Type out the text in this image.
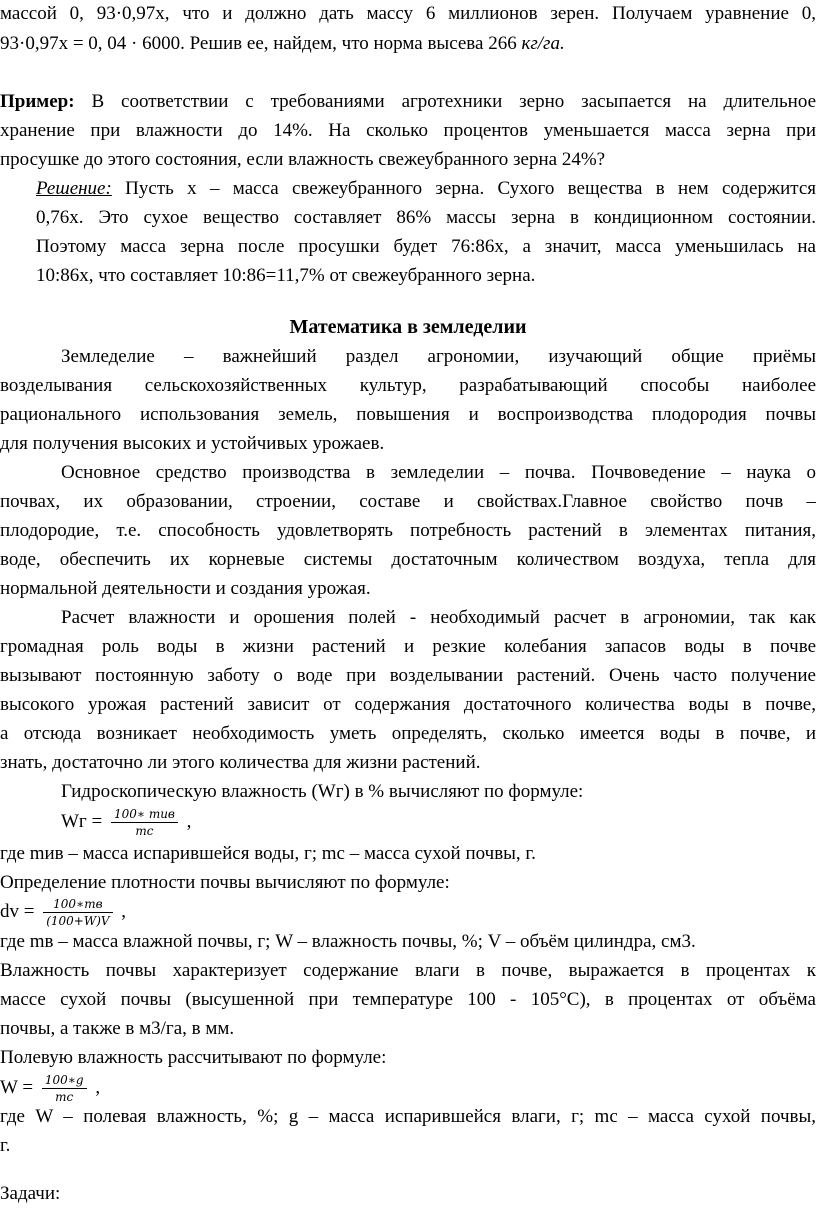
массой 0, 93·0,97x, что и должно дать массу 6 миллионов зерен. Получаем уравнение 0,
93·0,97x = 0, 04 · 6000. Решив ее, найдем, что норма высева 266 кг/га.
Пример: В соответствии с требованиями агротехники зерно засыпается на длительное
хранение при влажности до 14%. На сколько процентов уменьшается масса зерна при
просушке до этого состояния, если влажность свежеубранного зерна 24%?
Решение: Пусть x – масса свежеубранного зерна. Сухого вещества в нем содержится
0,76x. Это сухое вещество составляет 86% массы зерна в кондиционном состоянии.
Поэтому масса зерна после просушки будет 76:86x, а значит, масса уменьшилась на
10:86x, что составляет 10:86=11,7% от свежеубранного зерна.
Математика в земледелии
Земледелие – важнейший раздел агрономии, изучающий общие приёмы
возделывания сельскохозяйственных культур, разрабатывающий способы наиболее
рационального использования земель, повышения и воспроизводства плодородия почвы
для получения высоких и устойчивых урожаев.
Основное средство производства в земледелии – почва. Почвоведение – наука о
почвах, их образовании, строении, составе и свойствах.Главное свойство почв –
плодородие, т.е. способность удовлетворять потребность растений в элементах питания,
воде, обеспечить их корневые системы достаточным количеством воздуха, тепла для
нормальной деятельности и создания урожая.
Расчет влажности и орошения полей - необходимый расчет в агрономии, так как
громадная роль воды в жизни растений и резкие колебания запасов воды в почве
вызывают постоянную заботу о воде при возделывании растений. Очень часто получение
высокого урожая растений зависит от содержания достаточного количества воды в почве,
а отсюда возникает необходимость уметь определять, сколько имеется воды в почве, и
знать, достаточно ли этого количества для жизни растений.
Гидроскопическую влажность (Wг) в % вычисляют по формуле:
Wг = $\frac{\text{100∗ mив}}{mс}$ ,
где mив – масса испарившейся воды, г; mс – масса сухой почвы, г.
Определение плотности почвы вычисляют по формуле:
dv = $\frac{100∗mв}{(100+W)V}$ ,
где mв – масса влажной почвы, г; W – влажность почвы, %; V – объём цилиндра, см3.
Влажность почвы характеризует содержание влаги в почве, выражается в процентах к
массе сухой почвы (высушенной при температуре 100 - 105°С), в процентах от объёма
почвы, а также в м3/га, в мм.
Полевую влажность рассчитывают по формуле:
$W = \frac{100∗g}{mс}$ ,
где W – полевая влажность, %; g – масса испарившейся влаги, г; mс – масса сухой почвы,
г.
Задачи:
